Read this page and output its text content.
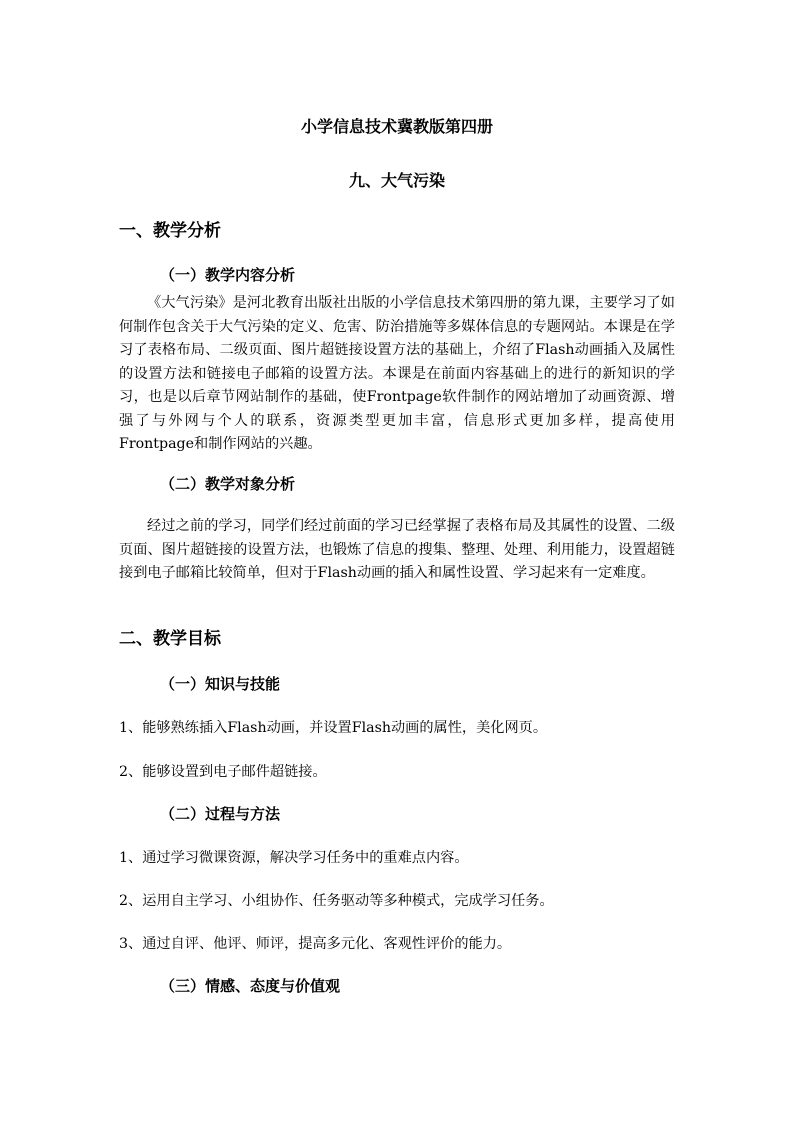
小学信息技术冀教版第四册
九、大气污染
一、教学分析
（一）教学内容分析

《大气污染》是河北教育出版社出版的小学信息技术第四册的第九课，主要学习了如何制作包含关于大气污染的定义、危害、防治措施等多媒体信息的专题网站。本课是在学习了表格布局、二级页面、图片超链接设置方法的基础上，介绍了Flash动画插入及属性的设置方法和链接电子邮箱的设置方法。本课是在前面内容基础上的进行的新知识的学习，也是以后章节网站制作的基础，使Frontpage软件制作的网站增加了动画资源、增强了与外网与个人的联系，资源类型更加丰富，信息形式更加多样，提高使用Frontpage和制作网站的兴趣。

（二）教学对象分析

经过之前的学习，同学们经过前面的学习已经掌握了表格布局及其属性的设置、二级页面、图片超链接的设置方法，也锻炼了信息的搜集、整理、处理、利用能力，设置超链接到电子邮箱比较简单，但对于Flash动画的插入和属性设置、学习起来有一定难度。

二、教学目标
（一）知识与技能

1、能够熟练插入Flash动画，并设置Flash动画的属性，美化网页。

2、能够设置到电子邮件超链接。

（二）过程与方法

1、通过学习微课资源，解决学习任务中的重难点内容。

2、运用自主学习、小组协作、任务驱动等多种模式，完成学习任务。

3、通过自评、他评、师评，提高多元化、客观性评价的能力。

（三）情感、态度与价值观
